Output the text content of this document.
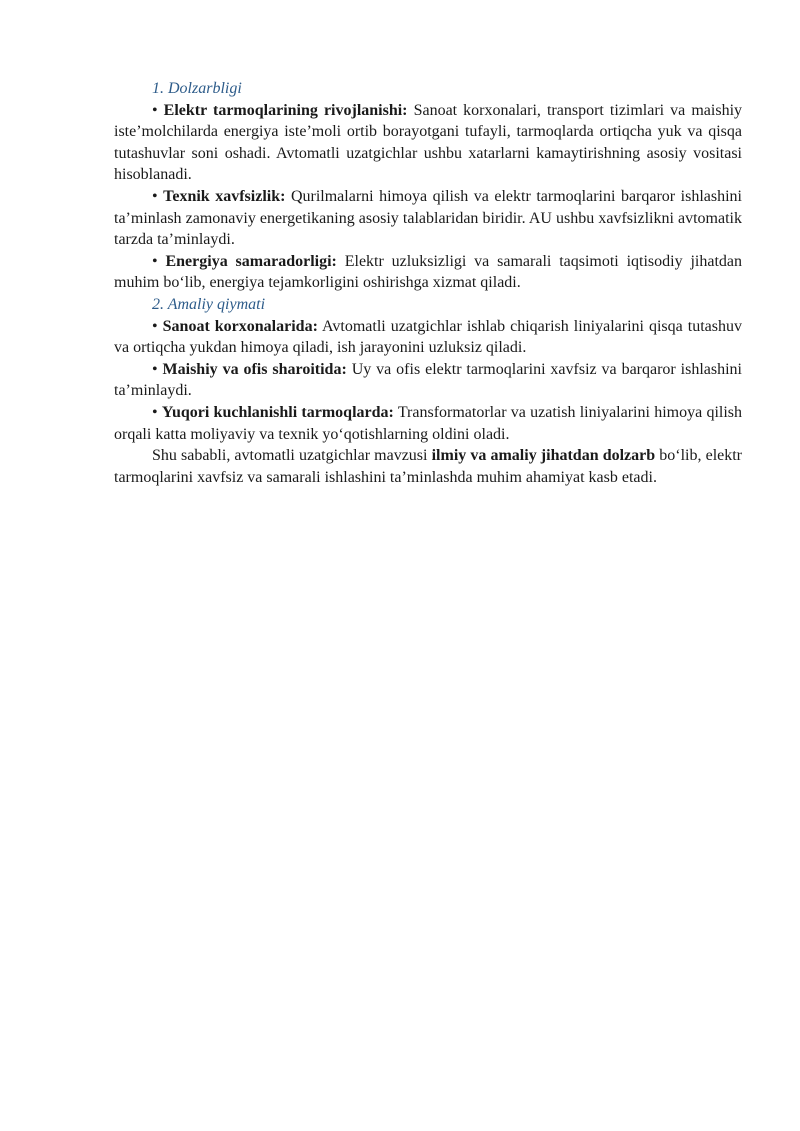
1. Dolzarbligi

• Elektr tarmoqlarining rivojlanishi: Sanoat korxonalari, transport tizimlari va maishiy iste’molchilarda energiya iste’moli ortib borayotgani tufayli, tarmoqlarda ortiqcha yuk va qisqa tutashuvlar soni oshadi. Avtomatli uzatgichlar ushbu xatarlarni kamaytirishning asosiy vositasi hisoblanadi.

• Texnik xavfsizlik: Qurilmalarni himoya qilish va elektr tarmoqlarini barqaror ishlashini ta’minlash zamonaviy energetikaning asosiy talablaridan biridir. AU ushbu xavfsizlikni avtomatik tarzda ta’minlaydi.

• Energiya samaradorligi: Elektr uzluksizligi va samarali taqsimoti iqtisodiy jihatdan muhim bo‘lib, energiya tejamkorligini oshirishga xizmat qiladi.

2. Amaliy qiymati

• Sanoat korxonalarida: Avtomatli uzatgichlar ishlab chiqarish liniyalarini qisqa tutashuv va ortiqcha yukdan himoya qiladi, ish jarayonini uzluksiz qiladi.

• Maishiy va ofis sharoitida: Uy va ofis elektr tarmoqlarini xavfsiz va barqaror ishlashini ta’minlaydi.

• Yuqori kuchlanishli tarmoqlarda: Transformatorlar va uzatish liniyalarini himoya qilish orqali katta moliyaviy va texnik yo‘qotishlarning oldini oladi.

Shu sababli, avtomatli uzatgichlar mavzusi ilmiy va amaliy jihatdan dolzarb bo‘lib, elektr tarmoqlarini xavfsiz va samarali ishlashini ta’minlashda muhim ahamiyat kasb etadi.
